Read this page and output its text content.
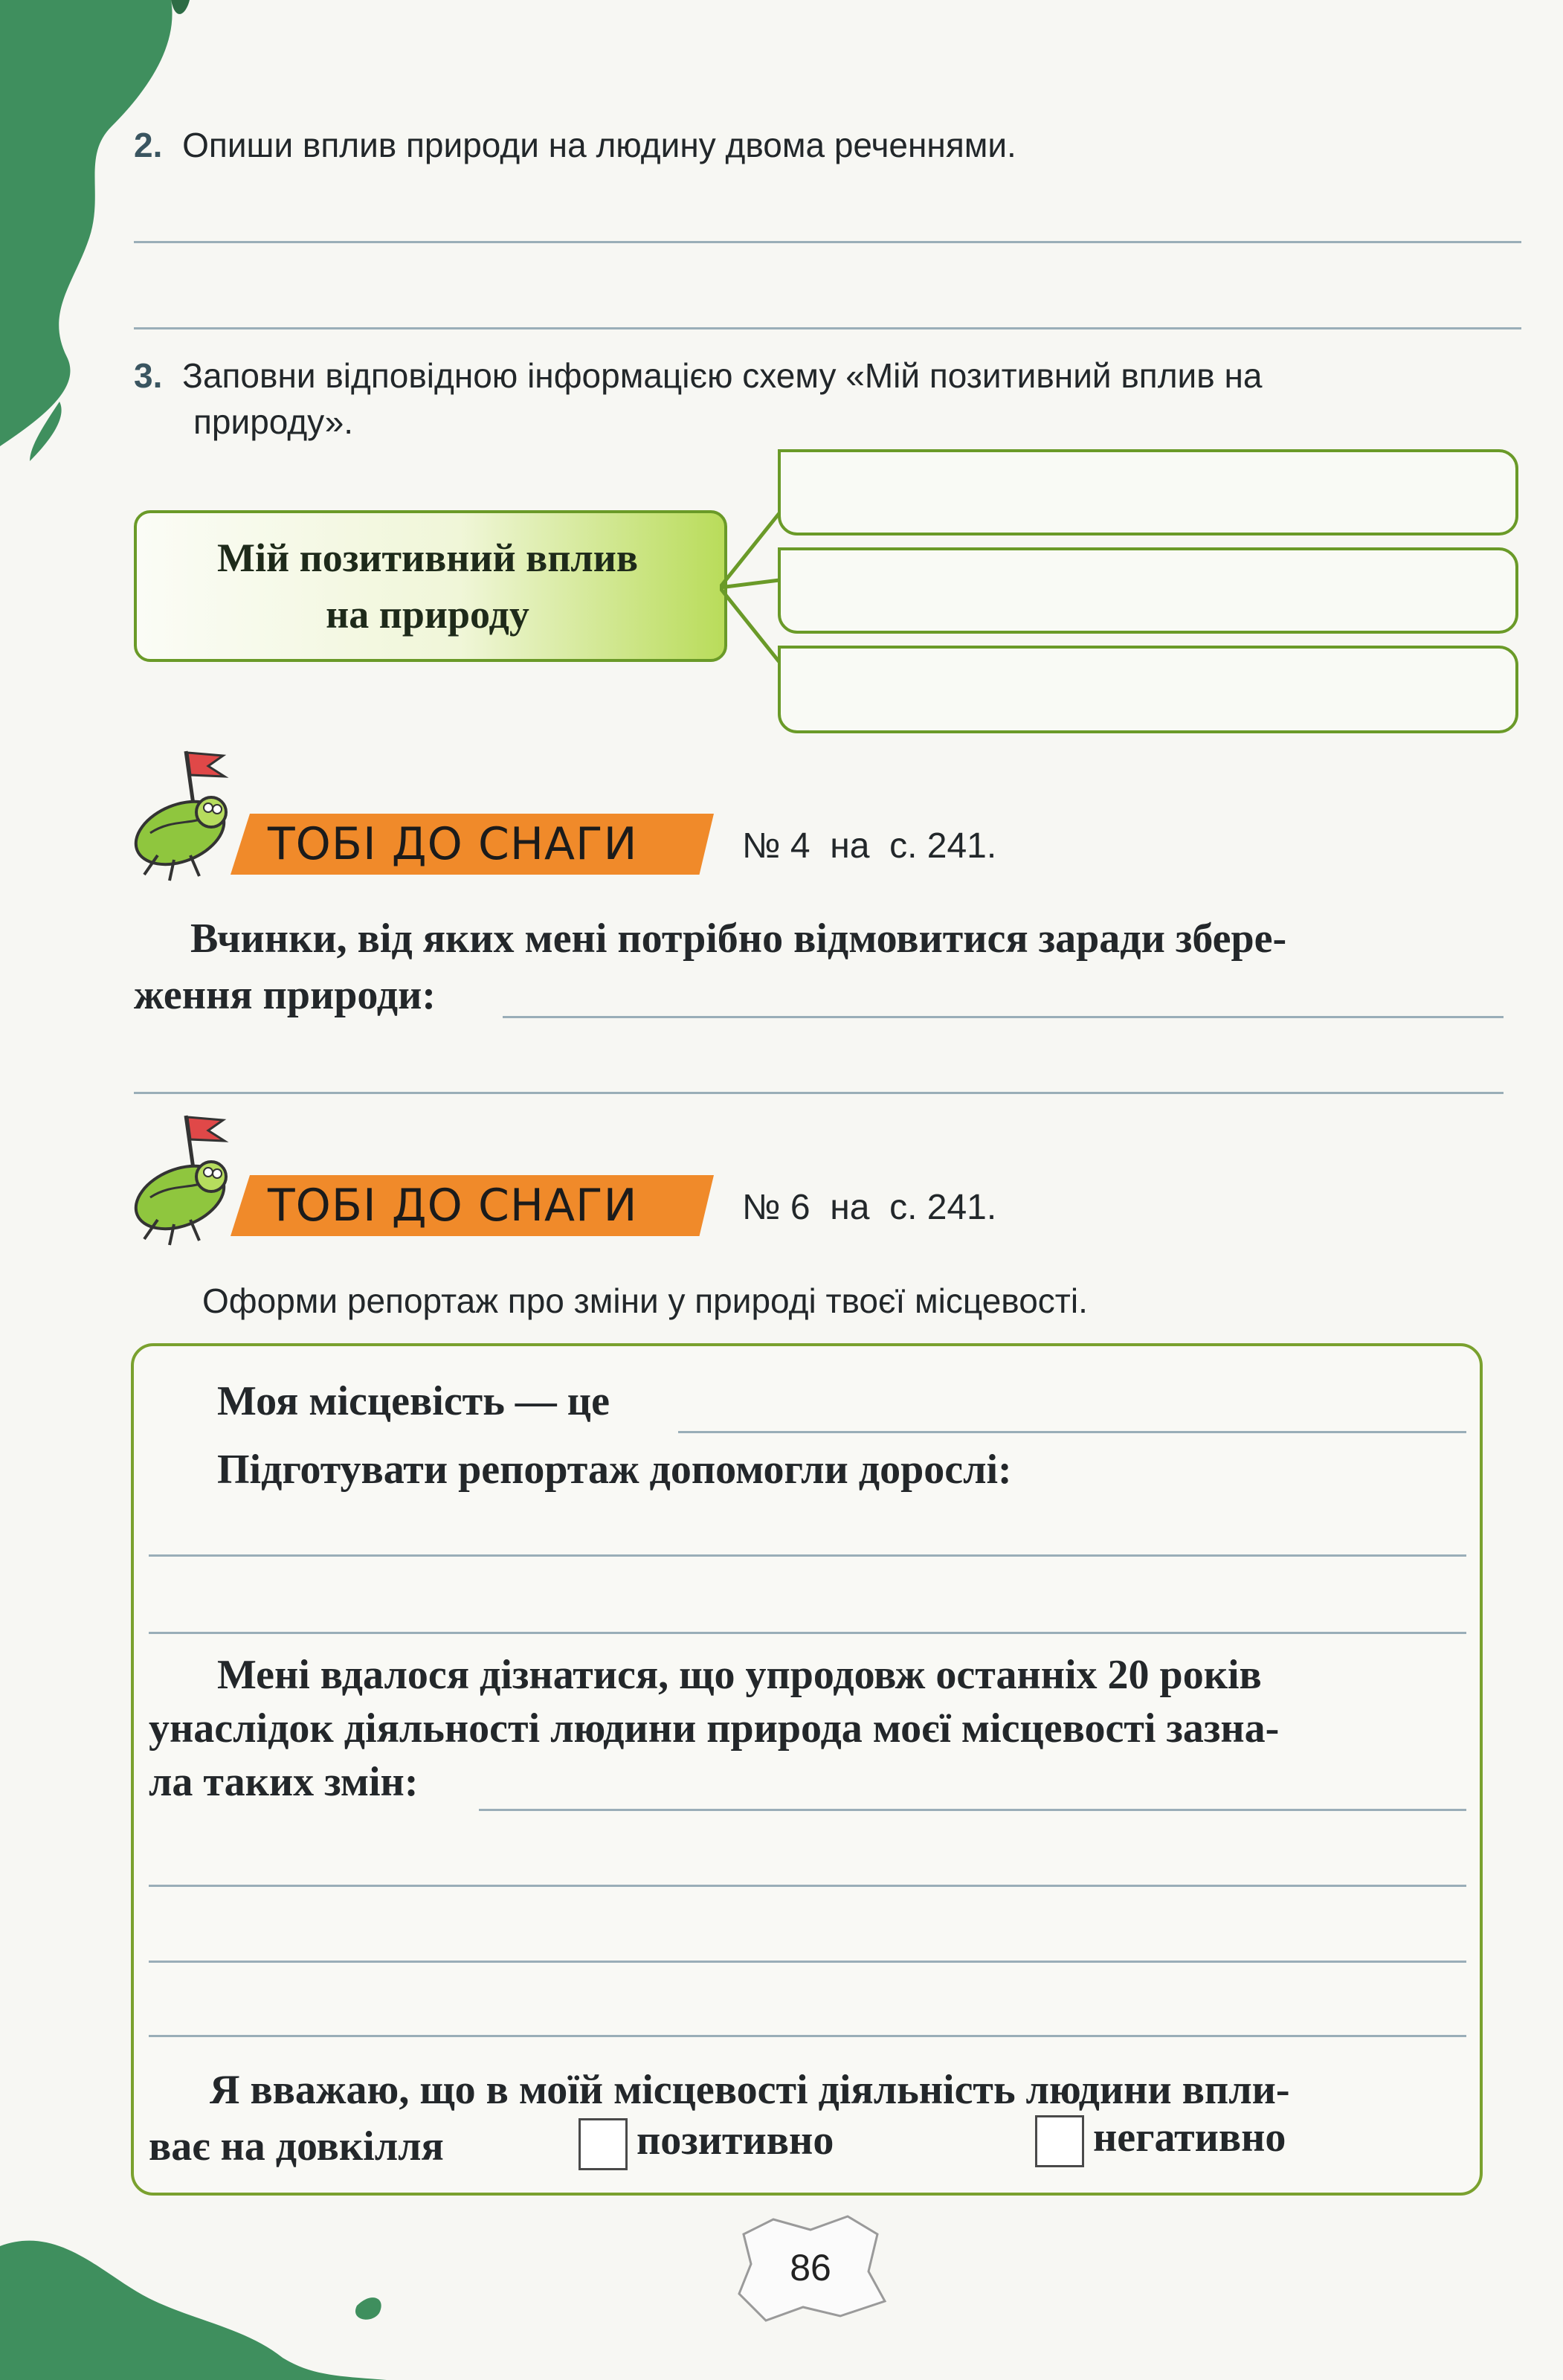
2. Опиши вплив природи на людину двома реченнями.
3. Заповни відповідною інформацією схему «Мій позитивний вплив на
природу».
Мій позитивний вплив
на природу
ТОБІ ДО СНАГИ	№ 4  на  с. 241.
Вчинки, від яких мені потрібно відмовитися заради збере-
ження природи:
ТОБІ ДО СНАГИ	№ 6  на  с. 241.
Оформи репортаж про зміни у природі твоєї місцевості.
Моя місцевість — це
Підготувати репортаж допомогли дорослі:
Мені вдалося дізнатися, що упродовж останніх 20 років
унаслідок діяльності людини природа моєї місцевості зазна-
ла таких змін:
Я вважаю, що в моїй місцевості діяльність людини впли-
ває на довкілля	позитивно	негативно
86
